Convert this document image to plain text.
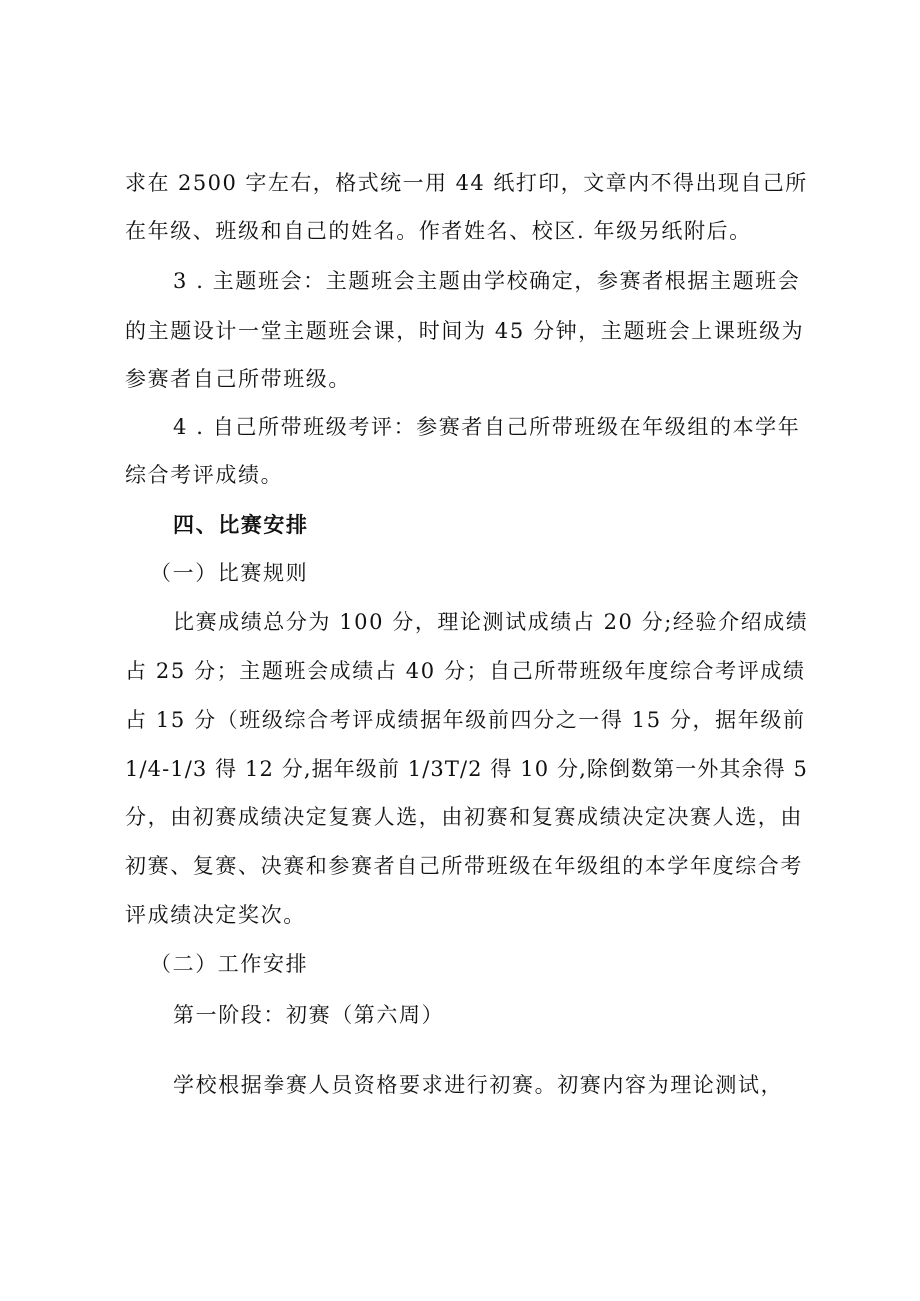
求在 2500 字左右，格式统一用 44 纸打印，文章内不得出现自己所
在年级、班级和自己的姓名。作者姓名、校区. 年级另纸附后。
3 . 主题班会：主题班会主题由学校确定，参赛者根据主题班会
的主题设计一堂主题班会课，时间为 45 分钟，主题班会上课班级为
参赛者自己所带班级。
4 . 自己所带班级考评：参赛者自己所带班级在年级组的本学年
综合考评成绩。
四、比赛安排
（一）比赛规则
比赛成绩总分为 100 分，理论测试成绩占 20 分;经验介绍成绩
占 25 分；主题班会成绩占 40 分；自己所带班级年度综合考评成绩
占 15 分（班级综合考评成绩据年级前四分之一得 15 分，据年级前
1/4-1/3 得 12 分,据年级前 1/3T/2 得 10 分,除倒数第一外其余得 5
分，由初赛成绩决定复赛人选，由初赛和复赛成绩决定决赛人选，由
初赛、复赛、决赛和参赛者自己所带班级在年级组的本学年度综合考
评成绩决定奖次。
（二）工作安排
第一阶段：初赛（第六周）
学校根据拳赛人员资格要求进行初赛。初赛内容为理论测试，
